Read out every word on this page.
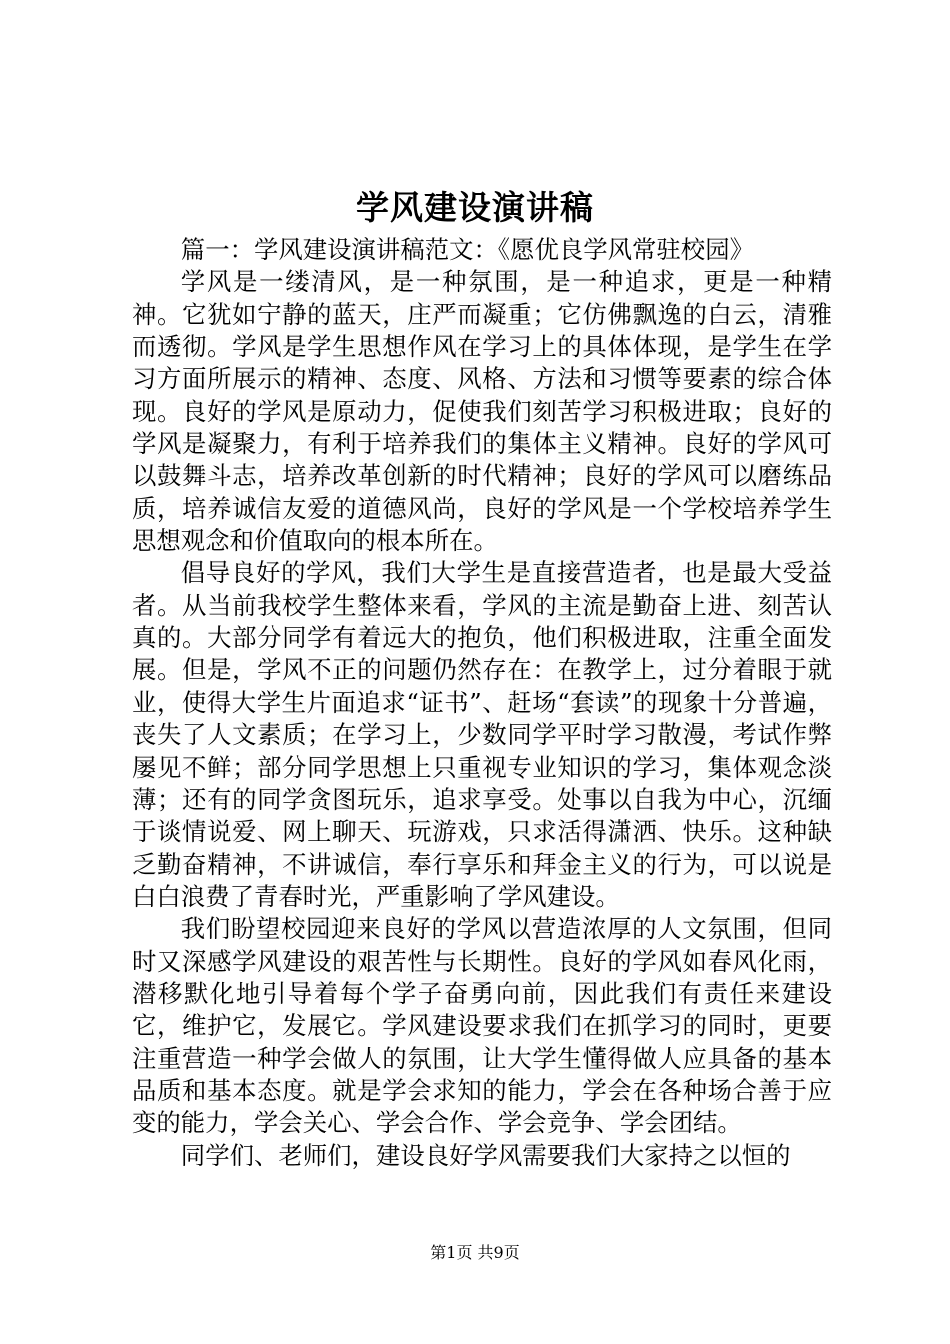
学风建设演讲稿

篇一：学风建设演讲稿范文：《愿优良学风常驻校园》

学风是一缕清风，是一种氛围，是一种追求，更是一种精神。它犹如宁静的蓝天，庄严而凝重；它仿佛飘逸的白云，清雅而透彻。学风是学生思想作风在学习上的具体体现，是学生在学习方面所展示的精神、态度、风格、方法和习惯等要素的综合体现。良好的学风是原动力，促使我们刻苦学习积极进取；良好的学风是凝聚力，有利于培养我们的集体主义精神。良好的学风可以鼓舞斗志，培养改革创新的时代精神；良好的学风可以磨练品质，培养诚信友爱的道德风尚，良好的学风是一个学校培养学生思想观念和价值取向的根本所在。

倡导良好的学风，我们大学生是直接营造者，也是最大受益者。从当前我校学生整体来看，学风的主流是勤奋上进、刻苦认真的。大部分同学有着远大的抱负，他们积极进取，注重全面发展。但是，学风不正的问题仍然存在：在教学上，过分着眼于就业，使得大学生片面追求“证书”、赶场“套读”的现象十分普遍，丧失了人文素质；在学习上，少数同学平时学习散漫，考试作弊屡见不鲜；部分同学思想上只重视专业知识的学习，集体观念淡薄；还有的同学贪图玩乐，追求享受。处事以自我为中心，沉缅于谈情说爱、网上聊天、玩游戏，只求活得潇洒、快乐。这种缺乏勤奋精神，不讲诚信，奉行享乐和拜金主义的行为，可以说是白白浪费了青春时光，严重影响了学风建设。

我们盼望校园迎来良好的学风以营造浓厚的人文氛围，但同时又深感学风建设的艰苦性与长期性。良好的学风如春风化雨，潜移默化地引导着每个学子奋勇向前，因此我们有责任来建设它，维护它，发展它。学风建设要求我们在抓学习的同时，更要注重营造一种学会做人的氛围，让大学生懂得做人应具备的基本品质和基本态度。就是学会求知的能力，学会在各种场合善于应变的能力，学会关心、学会合作、学会竞争、学会团结。

同学们、老师们，建设良好学风需要我们大家持之以恒的

第1页 共9页
